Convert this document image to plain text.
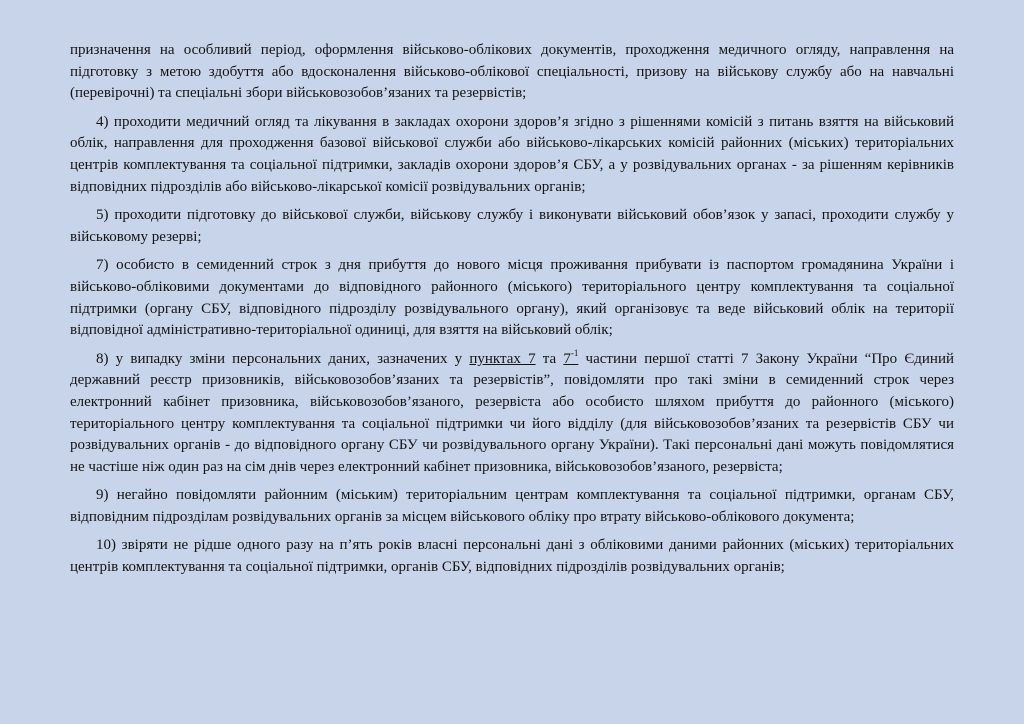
призначення на особливий період, оформлення військово-облікових документів, проходження медичного огляду, направлення на підготовку з метою здобуття або вдосконалення військово-облікової спеціальності, призову на військову службу або на навчальні (перевірочні) та спеціальні збори військовозобов’язаних та резервістів;

4) проходити медичний огляд та лікування в закладах охорони здоров’я згідно з рішеннями комісій з питань взяття на військовий облік, направлення для проходження базової військової служби або військово-лікарських комісій районних (міських) територіальних центрів комплектування та соціальної підтримки, закладів охорони здоров’я СБУ, а у розвідувальних органах - за рішенням керівників відповідних підрозділів або військово-лікарської комісії розвідувальних органів;

5) проходити підготовку до військової служби, військову службу і виконувати військовий обов’язок у запасі, проходити службу у військовому резерві;

7) особисто в семиденний строк з дня прибуття до нового місця проживання прибувати із паспортом громадянина України і військово-обліковими документами до відповідного районного (міського) територіального центру комплектування та соціальної підтримки (органу СБУ, відповідного підрозділу розвідувального органу), який організовує та веде військовий облік на території відповідної адміністративно-територіальної одиниці, для взяття на військовий облік;

8) у випадку зміни персональних даних, зазначених у пунктах 7 та $7^{-1}$ частини першої статті 7 Закону України “Про Єдиний державний реєстр призовників, військовозобов’язаних та резервістів”, повідомляти про такі зміни в семиденний строк через електронний кабінет призовника, військовозобов’язаного, резервіста або особисто шляхом прибуття до районного (міського) територіального центру комплектування та соціальної підтримки чи його відділу (для військовозобов’язаних та резервістів СБУ чи розвідувальних органів - до відповідного органу СБУ чи розвідувального органу України). Такі персональні дані можуть повідомлятися не частіше ніж один раз на сім днів через електронний кабінет призовника, військовозобов’язаного, резервіста;

9) негайно повідомляти районним (міським) територіальним центрам комплектування та соціальної підтримки, органам СБУ, відповідним підрозділам розвідувальних органів за місцем військового обліку про втрату військово-облікового документа;

10) звіряти не рідше одного разу на п’ять років власні персональні дані з обліковими даними районних (міських) територіальних центрів комплектування та соціальної підтримки, органів СБУ, відповідних підрозділів розвідувальних органів;
